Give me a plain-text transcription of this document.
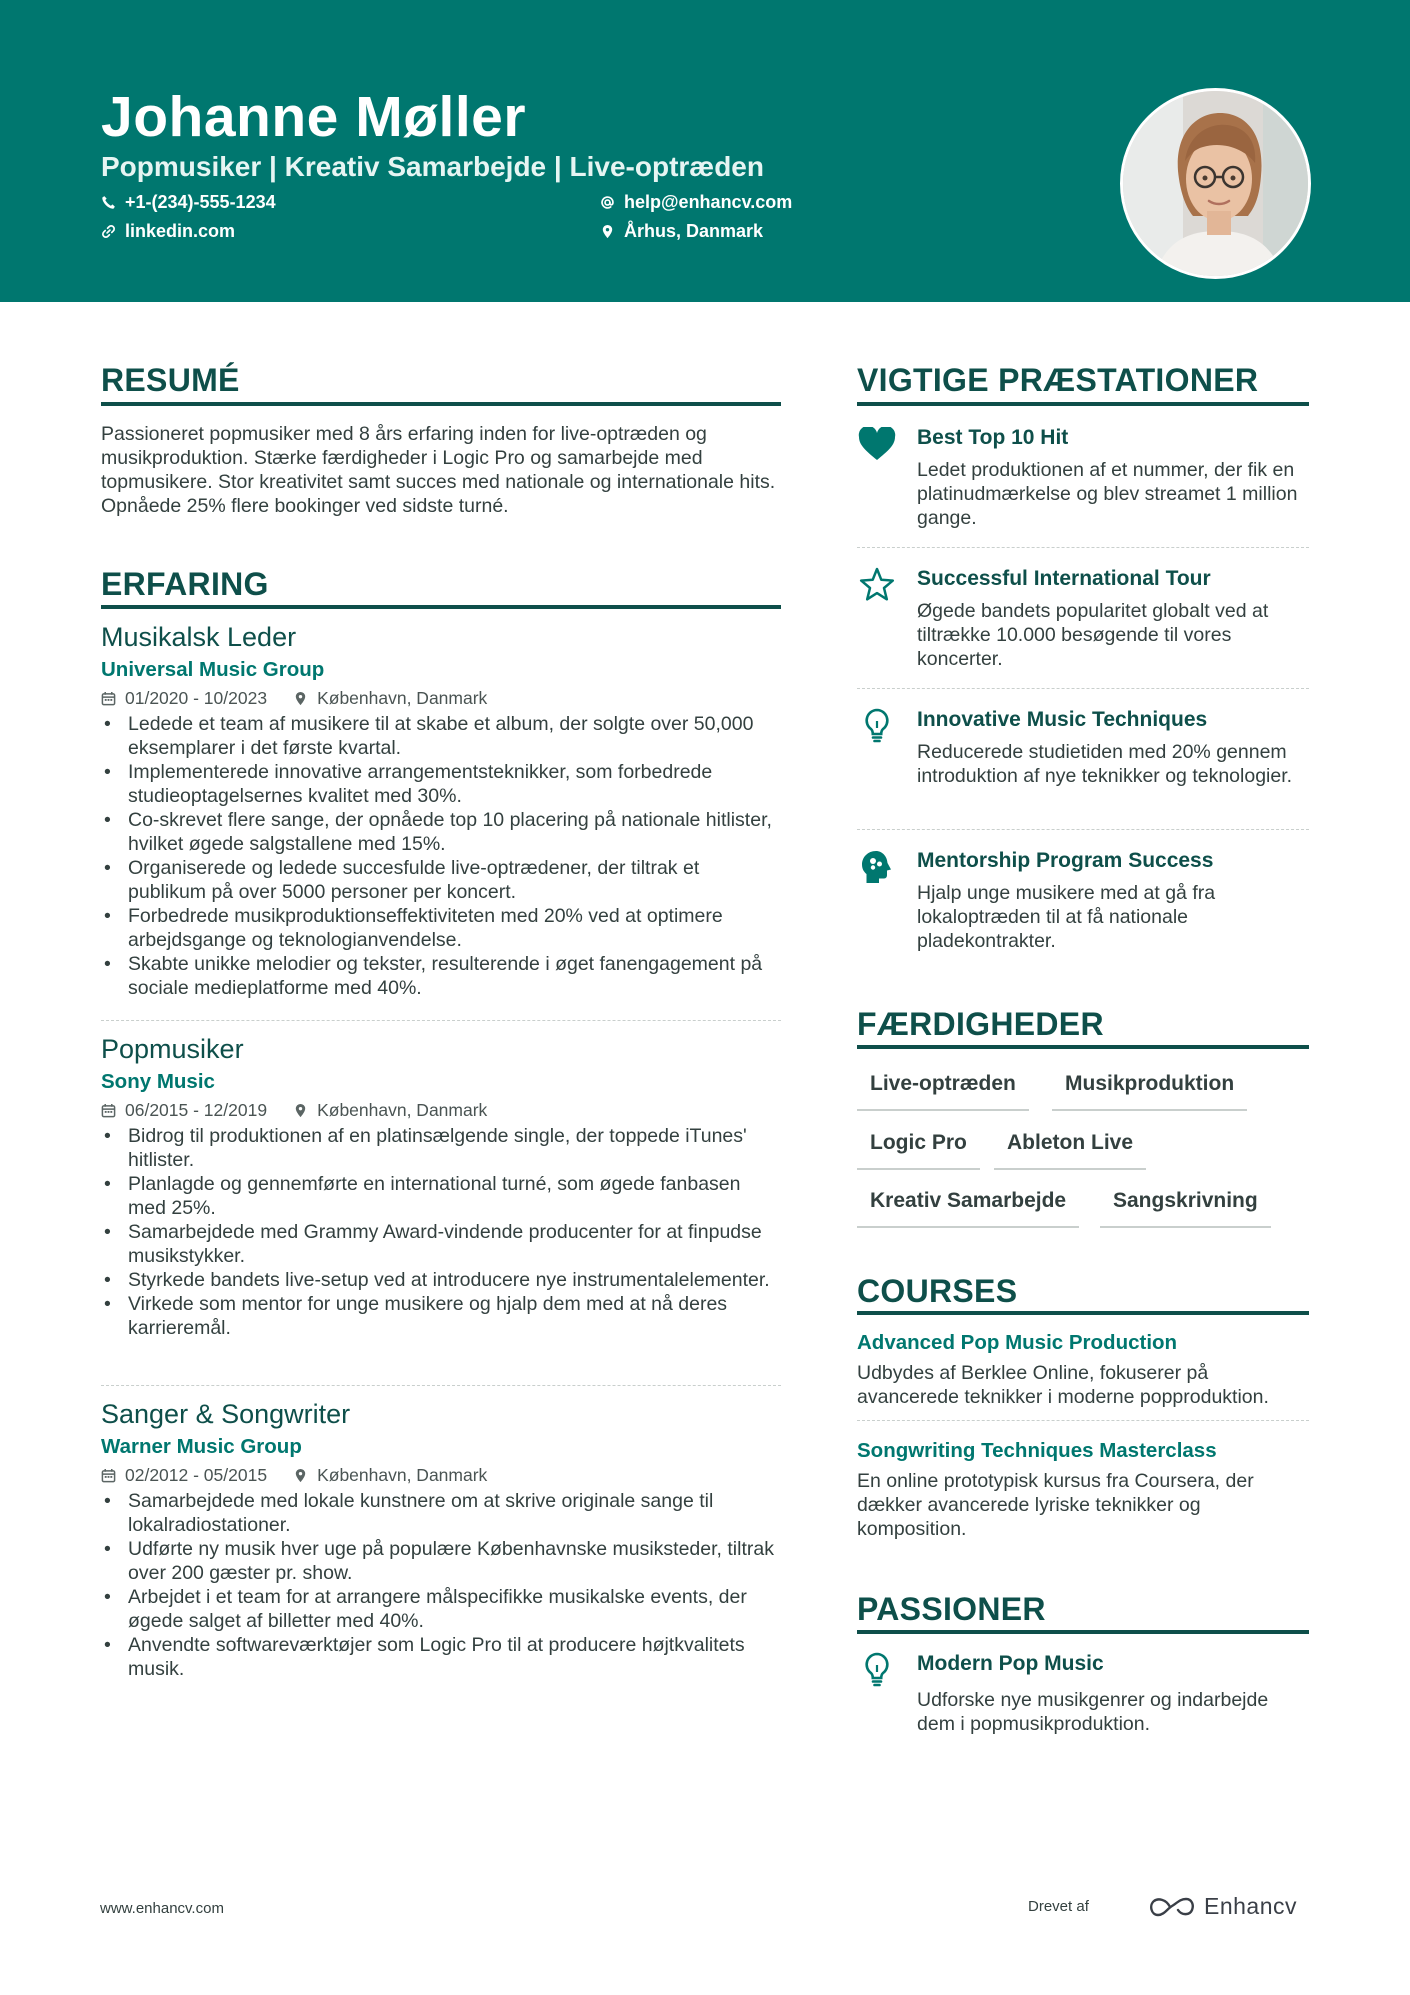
Johanne Møller
Popmusiker | Kreativ Samarbejde | Live-optræden
+1-(234)-555-1234	help@enhancv.com
linkedin.com	Århus, Danmark
RESUMÉ
Passioneret popmusiker med 8 års erfaring inden for live-optræden og musikproduktion. Stærke færdigheder i Logic Pro og samarbejde med topmusikere. Stor kreativitet samt succes med nationale og internationale hits. Opnåede 25% flere bookinger ved sidste turné.
ERFARING
Musikalsk Leder
Universal Music Group
01/2020 - 10/2023	København, Danmark
• Ledede et team af musikere til at skabe et album, der solgte over 50,000 eksemplarer i det første kvartal.
• Implementerede innovative arrangementsteknikker, som forbedrede studieoptagelsernes kvalitet med 30%.
• Co-skrevet flere sange, der opnåede top 10 placering på nationale hitlister, hvilket øgede salgstallene med 15%.
• Organiserede og ledede succesfulde live-optrædener, der tiltrak et publikum på over 5000 personer per koncert.
• Forbedrede musikproduktionseffektiviteten med 20% ved at optimere arbejdsgange og teknologianvendelse.
• Skabte unikke melodier og tekster, resulterende i øget fanengagement på sociale medieplatforme med 40%.
Popmusiker
Sony Music
06/2015 - 12/2019	København, Danmark
• Bidrog til produktionen af en platinsælgende single, der toppede iTunes' hitlister.
• Planlagde og gennemførte en international turné, som øgede fanbasen med 25%.
• Samarbejdede med Grammy Award-vindende producenter for at finpudse musikstykker.
• Styrkede bandets live-setup ved at introducere nye instrumentalelementer.
• Virkede som mentor for unge musikere og hjalp dem med at nå deres karrieremål.
Sanger & Songwriter
Warner Music Group
02/2012 - 05/2015	København, Danmark
• Samarbejdede med lokale kunstnere om at skrive originale sange til lokalradiostationer.
• Udførte ny musik hver uge på populære Københavnske musiksteder, tiltrak over 200 gæster pr. show.
• Arbejdet i et team for at arrangere målspecifikke musikalske events, der øgede salget af billetter med 40%.
• Anvendte softwareværktøjer som Logic Pro til at producere højtkvalitets musik.
VIGTIGE PRÆSTATIONER
Best Top 10 Hit
Ledet produktionen af et nummer, der fik en platinudmærkelse og blev streamet 1 million gange.
Successful International Tour
Øgede bandets popularitet globalt ved at tiltrække 10.000 besøgende til vores koncerter.
Innovative Music Techniques
Reducerede studietiden med 20% gennem introduktion af nye teknikker og teknologier.
Mentorship Program Success
Hjalp unge musikere med at gå fra lokaloptræden til at få nationale pladekontrakter.
FÆRDIGHEDER
Live-optræden	Musikproduktion
Logic Pro	Ableton Live
Kreativ Samarbejde	Sangskrivning
COURSES
Advanced Pop Music Production
Udbydes af Berklee Online, fokuserer på avancerede teknikker i moderne popproduktion.
Songwriting Techniques Masterclass
En online prototypisk kursus fra Coursera, der dækker avancerede lyriske teknikker og komposition.
PASSIONER
Modern Pop Music
Udforske nye musikgenrer og indarbejde dem i popmusikproduktion.
www.enhancv.com	Drevet af	Enhancv
